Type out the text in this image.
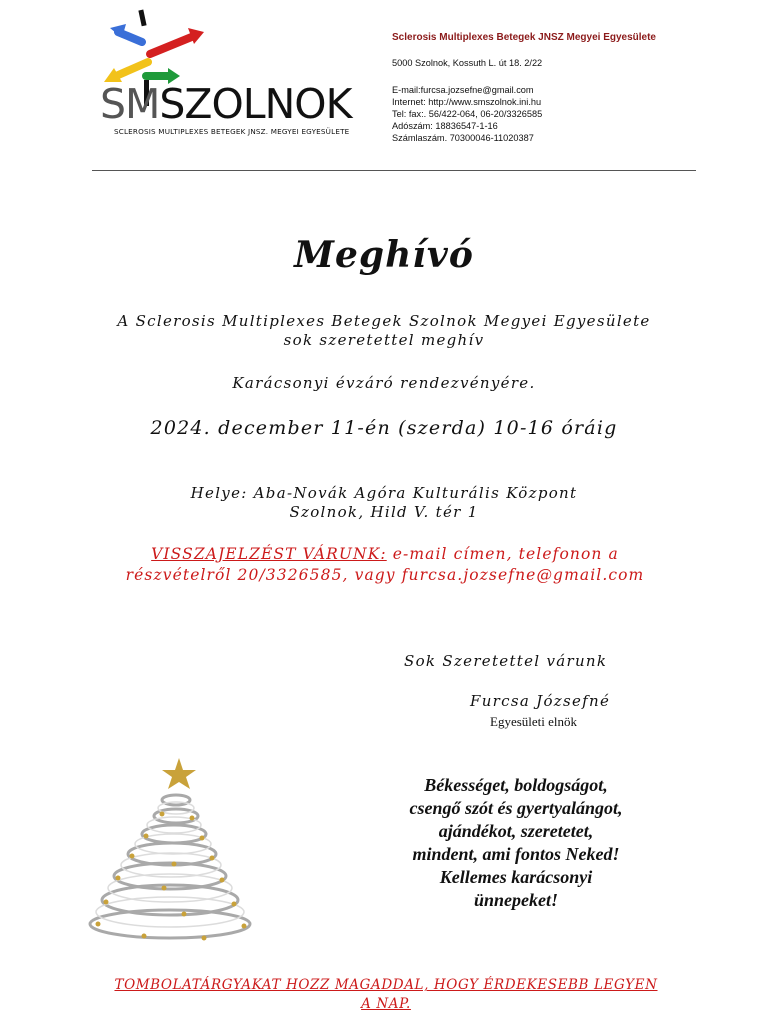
SMSZOLNOK
SCLEROSIS MULTIPLEXES BETEGEK JNSZ. MEGYEI EGYESÜLETE
Sclerosis Multiplexes Betegek JNSZ Megyei Egyesülete
5000 Szolnok, Kossuth L. út 18. 2/22
E-mail:furcsa.jozsefne@gmail.com
Internet: http://www.smszolnok.ini.hu
Tel: fax:. 56/422-064, 06-20/3326585
Adószám: 18836547-1-16
Számlaszám. 70300046-11020387
Meghívó
A Sclerosis Multiplexes Betegek Szolnok Megyei Egyesülete
sok szeretettel meghív
Karácsonyi évzáró rendezvényére.
2024. december 11-én (szerda) 10-16 óráig
Helye: Aba-Novák Agóra Kulturális Központ
Szolnok, Hild V. tér 1
VISSZAJELZÉST VÁRUNK: e-mail címen, telefonon a
részvételről 20/3326585, vagy furcsa.jozsefne@gmail.com
Sok Szeretettel várunk
Furcsa Józsefné
Egyesületi elnök
Békességet, boldogságot,
csengő szót és gyertyalángot,
ajándékot, szeretetet,
mindent, ami fontos Neked!
Kellemes karácsonyi
ünnepeket!
TOMBOLATÁRGYAKAT HOZZ MAGADDAL, HOGY ÉRDEKESEBB LEGYEN
A NAP.
